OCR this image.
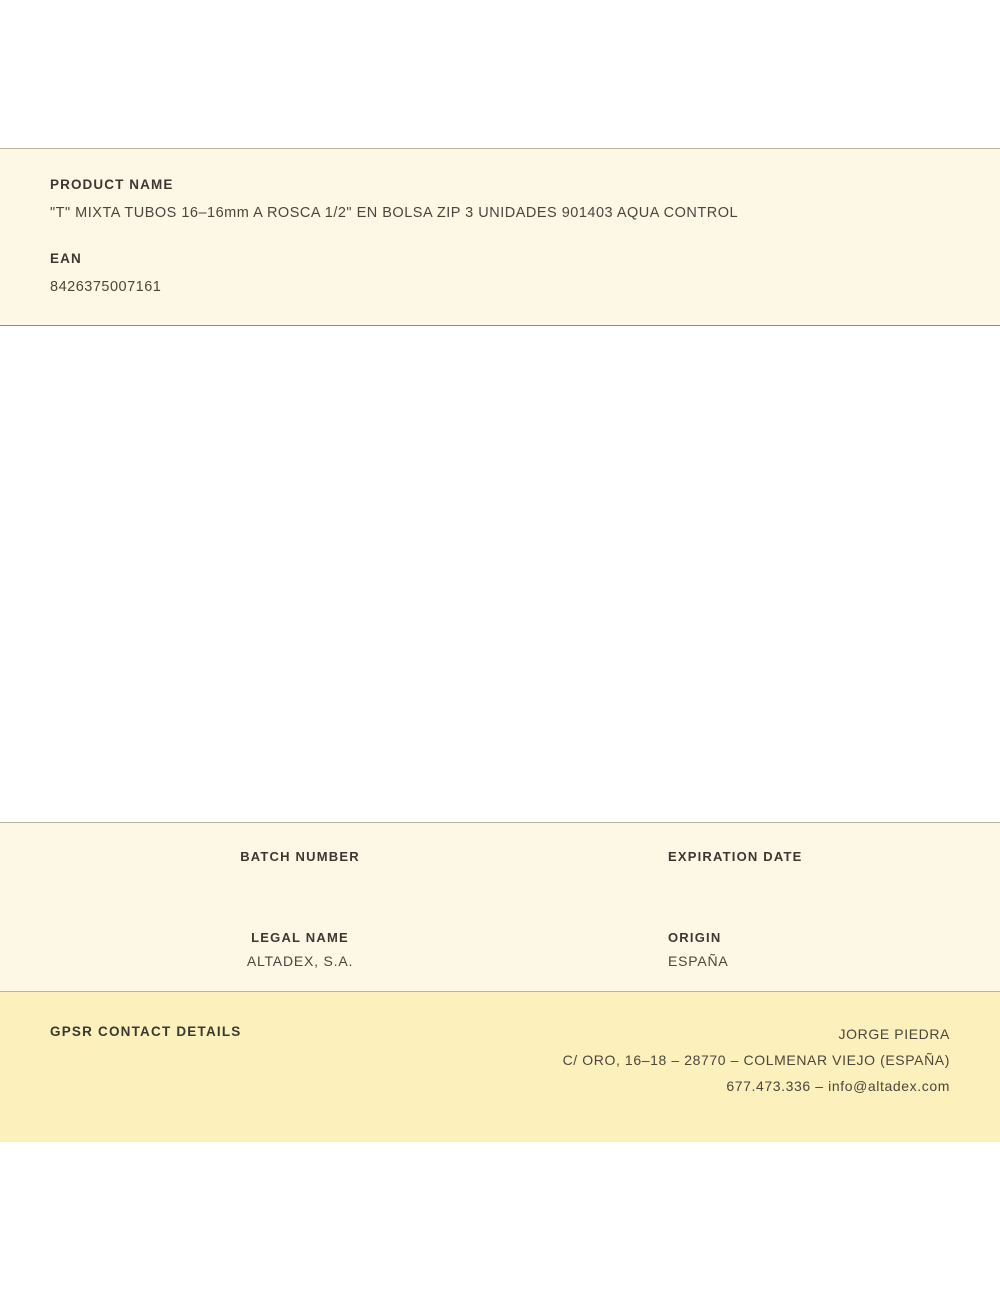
PRODUCT NAME

"T" MIXTA TUBOS 16–16mm A ROSCA 1/2" EN BOLSA ZIP 3 UNIDADES 901403 AQUA CONTROL

EAN

8426375007161

BATCH NUMBER	EXPIRATION DATE

LEGAL NAME

ALTADEX, S.A.

ORIGIN

ESPAÑA

GPSR CONTACT DETAILS	JORGE PIEDRA
C/ ORO, 16–18 – 28770 – COLMENAR VIEJO (ESPAÑA)
677.473.336 – info@altadex.com
